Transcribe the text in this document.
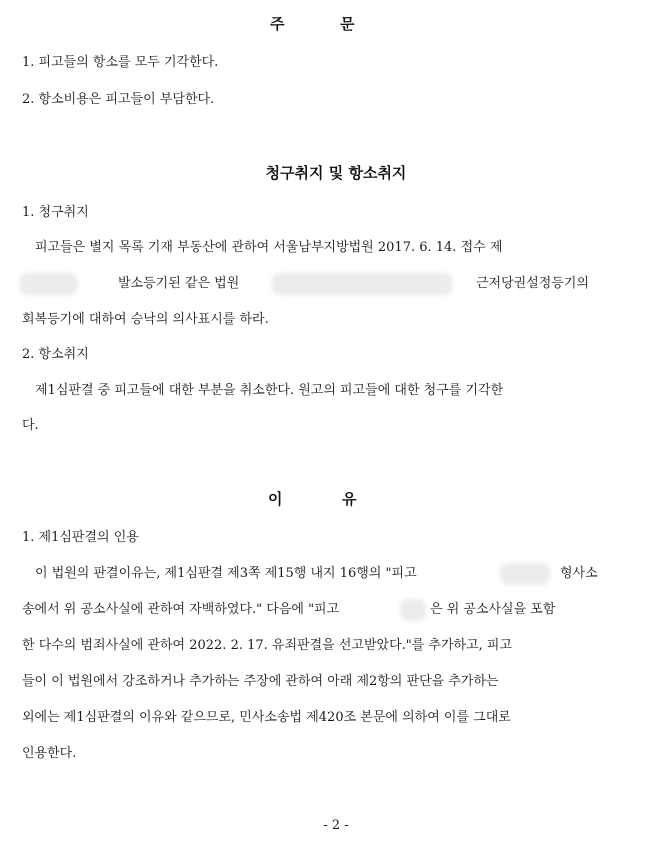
주	문
1. 피고들의 항소를 모두 기각한다.
2. 항소비용은 피고들이 부담한다.
청구취지 및 항소취지
1. 청구취지
피고들은 별지 목록 기재 부동산에 관하여 서울남부지방법원 2017. 6. 14. 접수 제
발소등기된 같은 법원	근저당권설정등기의
회복등기에 대하여 승낙의 의사표시를 하라.
2. 항소취지
제1심판결 중 피고들에 대한 부분을 취소한다. 원고의 피고들에 대한 청구를 기각한
다.
이	유
1. 제1심판결의 인용
이 법원의 판결이유는, 제1심판결 제3쪽 제15행 내지 16행의 "피고	형사소
송에서 위 공소사실에 관하여 자백하였다." 다음에 "피고	은 위 공소사실을 포함
한 다수의 범죄사실에 관하여 2022. 2. 17. 유죄판결을 선고받았다."를 추가하고, 피고
들이 이 법원에서 강조하거나 추가하는 주장에 관하여 아래 제2항의 판단을 추가하는
외에는 제1심판결의 이유와 같으므로, 민사소송법 제420조 본문에 의하여 이를 그대로
인용한다.
- 2 -
